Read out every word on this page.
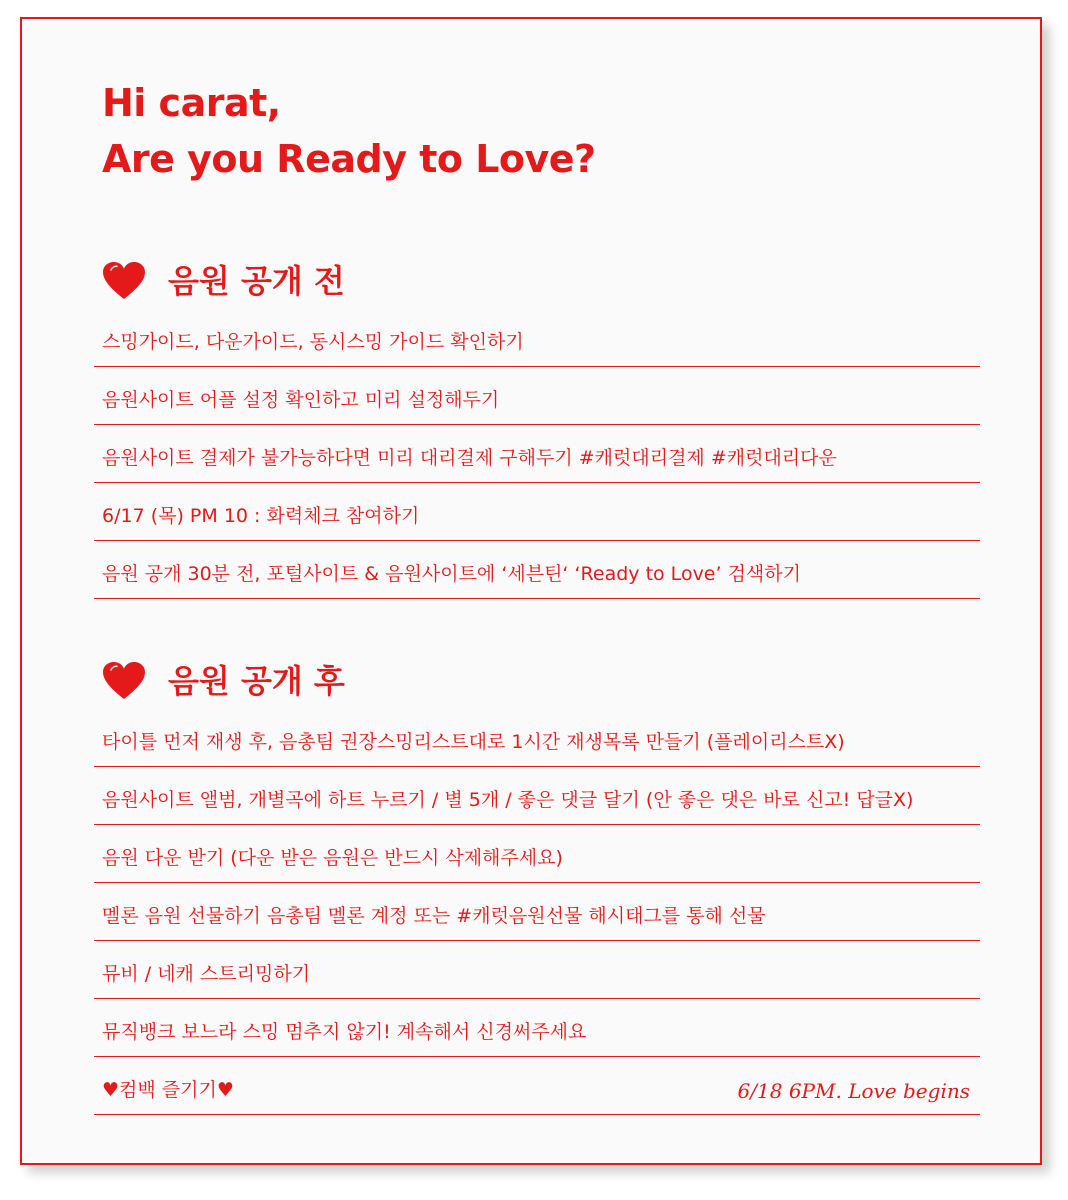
Hi carat,
Are you Ready to Love?
음원 공개 전
스밍가이드, 다운가이드, 동시스밍 가이드 확인하기
음원사이트 어플 설정 확인하고 미리 설정해두기
음원사이트 결제가 불가능하다면 미리 대리결제 구해두기 #캐럿대리결제 #캐럿대리다운
6/17 (목) PM 10 : 화력체크 참여하기
음원 공개 30분 전, 포털사이트 & 음원사이트에 ‘세븐틴‘ ‘Ready to Love’ 검색하기
음원 공개 후
타이틀 먼저 재생 후, 음총팀 권장스밍리스트대로 1시간 재생목록 만들기 (플레이리스트X)
음원사이트 앨범, 개별곡에 하트 누르기 / 별 5개 / 좋은 댓글 달기 (안 좋은 댓은 바로 신고! 답글X)
음원 다운 받기 (다운 받은 음원은 반드시 삭제해주세요)
멜론 음원 선물하기 음총팀 멜론 계정 또는 #캐럿음원선물 해시태그를 통해 선물
뮤비 / 네캐 스트리밍하기
뮤직뱅크 보느라 스밍 멈추지 않기! 계속해서 신경써주세요
♥컴백 즐기기♥	6/18 6PM. Love begins
